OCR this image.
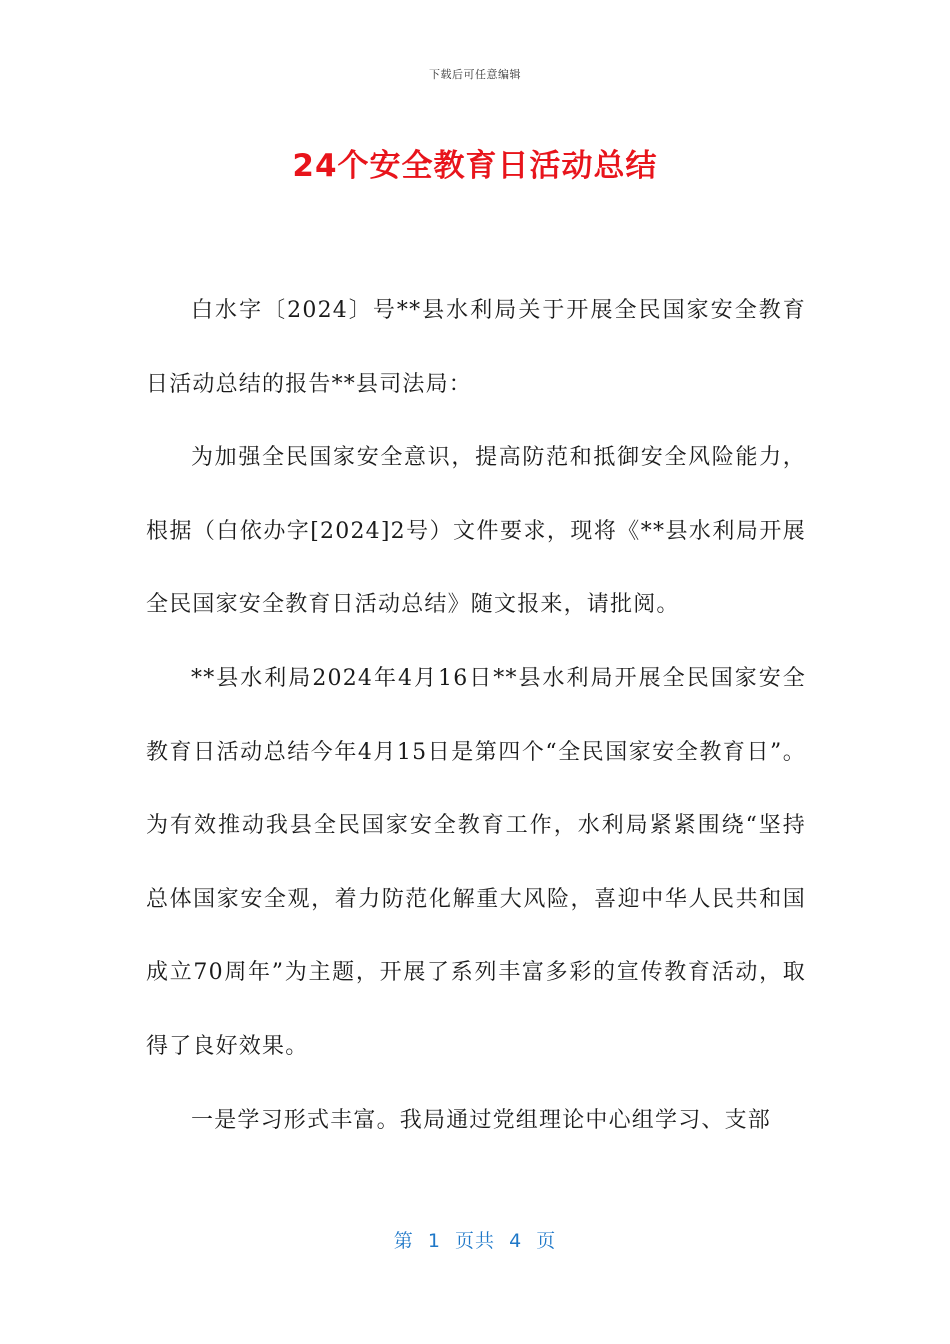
下载后可任意编辑
24个安全教育日活动总结

白水字〔2024〕号**县水利局关于开展全民国家安全教育日活动总结的报告**县司法局：

为加强全民国家安全意识，提高防范和抵御安全风险能力，根据（白依办字[2024]2号）文件要求，现将《**县水利局开展全民国家安全教育日活动总结》随文报来，请批阅。

**县水利局2024年4月16日**县水利局开展全民国家安全教育日活动总结今年4月15日是第四个“全民国家安全教育日”。为有效推动我县全民国家安全教育工作，水利局紧紧围绕“坚持总体国家安全观，着力防范化解重大风险，喜迎中华人民共和国成立70周年”为主题，开展了系列丰富多彩的宣传教育活动，取得了良好效果。

一是学习形式丰富。我局通过党组理论中心组学习、支部

第  1  页共  4  页
